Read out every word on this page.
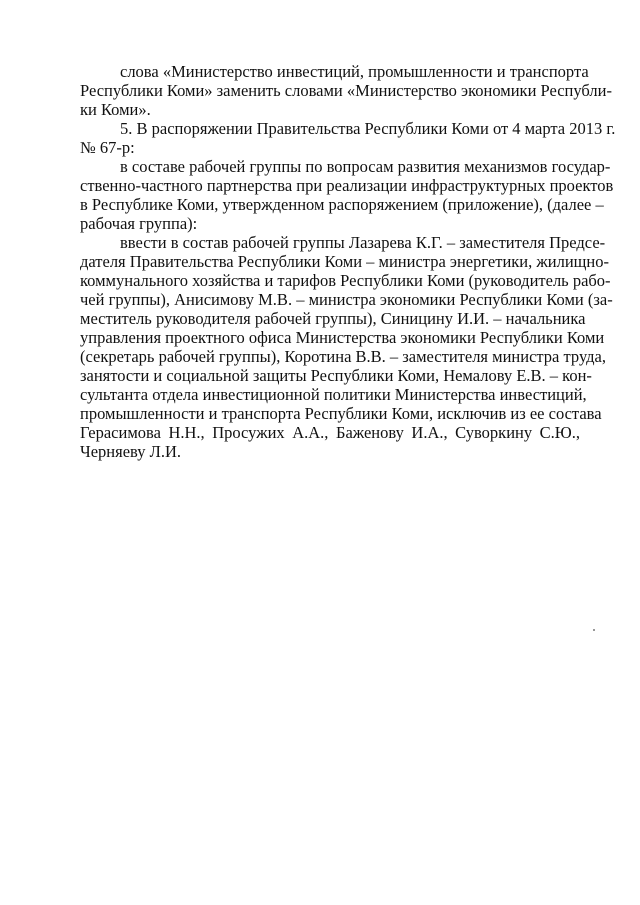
слова «Министерство инвестиций, промышленности и транспорта
Республики Коми» заменить словами «Министерство экономики Республи-
ки Коми».
5. В распоряжении Правительства Республики Коми от 4 марта 2013 г.
№ 67-р:
в составе рабочей группы по вопросам развития механизмов государ-
ственно-частного партнерства при реализации инфраструктурных проектов
в Республике Коми, утвержденном распоряжением (приложение), (далее –
рабочая группа):
ввести в состав рабочей группы Лазарева К.Г. – заместителя Предсе-
дателя Правительства Республики Коми – министра энергетики, жилищно-
коммунального хозяйства и тарифов Республики Коми (руководитель рабо-
чей группы), Анисимову М.В. – министра экономики Республики Коми (за-
меститель руководителя рабочей группы), Синицину И.И. – начальника
управления проектного офиса Министерства экономики Республики Коми
(секретарь рабочей группы), Коротина В.В. – заместителя министра труда,
занятости и социальной защиты Республики Коми, Немалову Е.В. – кон-
сультанта отдела инвестиционной политики Министерства инвестиций,
промышленности и транспорта Республики Коми, исключив из ее состава
Герасимова Н.Н., Просужих А.А., Баженову И.А., Суворкину С.Ю.,
Черняеву Л.И.
